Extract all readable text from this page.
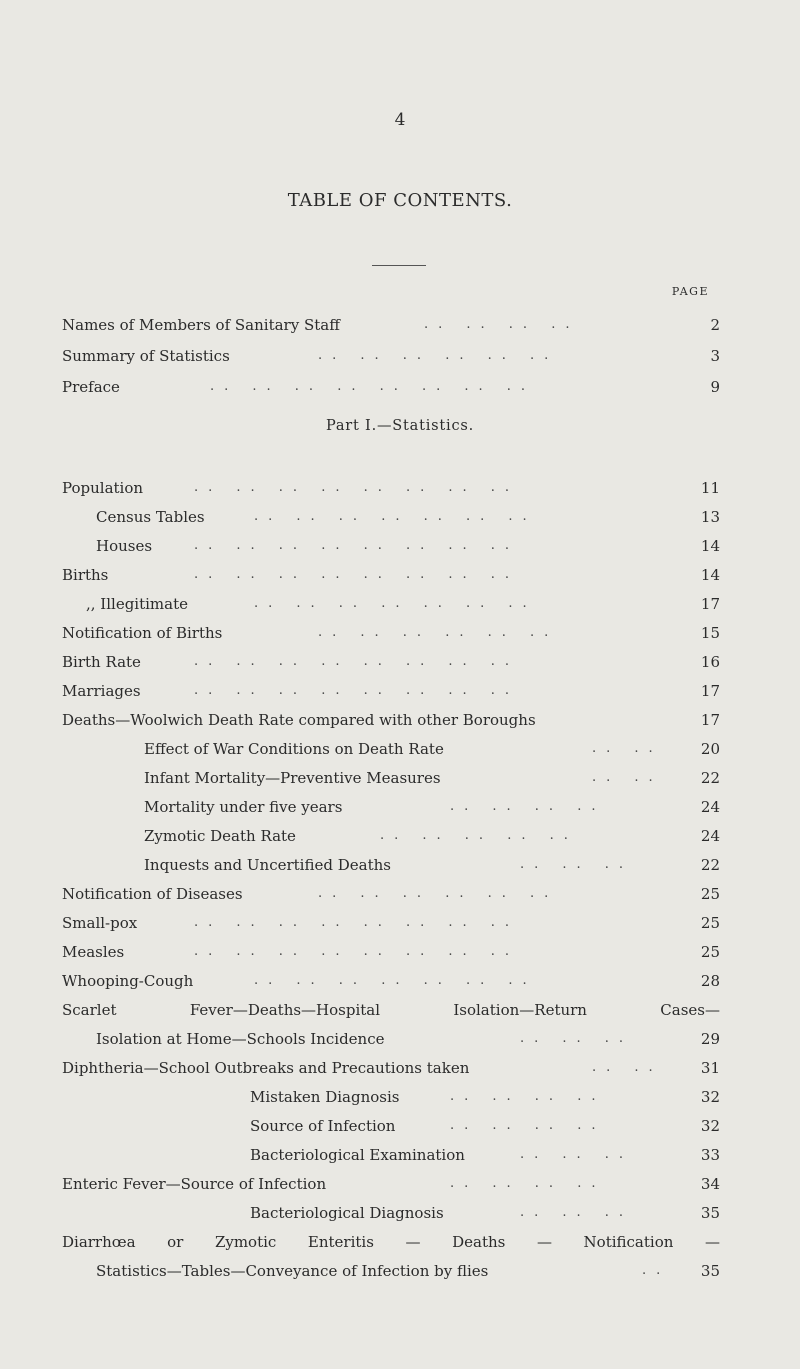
4
TABLE OF CONTENTS.
PAGE
Names of Members of Sanitary Staff	.. .. .. ..	2
Summary of Statistics	.. .. .. .. .. ..	3
Preface	.. .. .. .. .. .. .. ..	9
Part I.—Statistics.
Population	.. .. .. .. .. .. .. ..	11
Census Tables	.. .. .. .. .. .. ..	13
Houses	.. .. .. .. .. .. .. ..	14
Births	.. .. .. .. .. .. .. ..	14
,, Illegitimate	.. .. .. .. .. .. ..	17
Notification of Births	.. .. .. .. .. ..	15
Birth Rate	.. .. .. .. .. .. .. ..	16
Marriages	.. .. .. .. .. .. .. ..	17
Deaths—Woolwich Death Rate compared with other Boroughs	17
Effect of War Conditions on Death Rate	.. ..	20
Infant Mortality—Preventive Measures	.. ..	22
Mortality under five years	.. .. .. ..	24
Zymotic Death Rate	.. .. .. .. ..	24
Inquests and Uncertified Deaths	.. .. ..	22
Notification of Diseases	.. .. .. .. .. ..	25
Small-pox	.. .. .. .. .. .. .. ..	25
Measles	.. .. .. .. .. .. .. ..	25
Whooping-Cough	.. .. .. .. .. .. ..	28
Scarlet Fever—Deaths—Hospital Isolation—Return Cases—
Isolation at Home—Schools Incidence	.. .. ..	29
Diphtheria—School Outbreaks and Precautions taken	.. ..	31
Mistaken Diagnosis	.. .. .. ..	32
Source of Infection	.. .. .. ..	32
Bacteriological Examination	.. .. ..	33
Enteric Fever—Source of Infection	.. .. .. ..	34
Bacteriological Diagnosis	.. .. ..	35
Diarrhœa or Zymotic Enteritis — Deaths — Notification —
Statistics—Tables—Conveyance of Infection by flies	..	35
